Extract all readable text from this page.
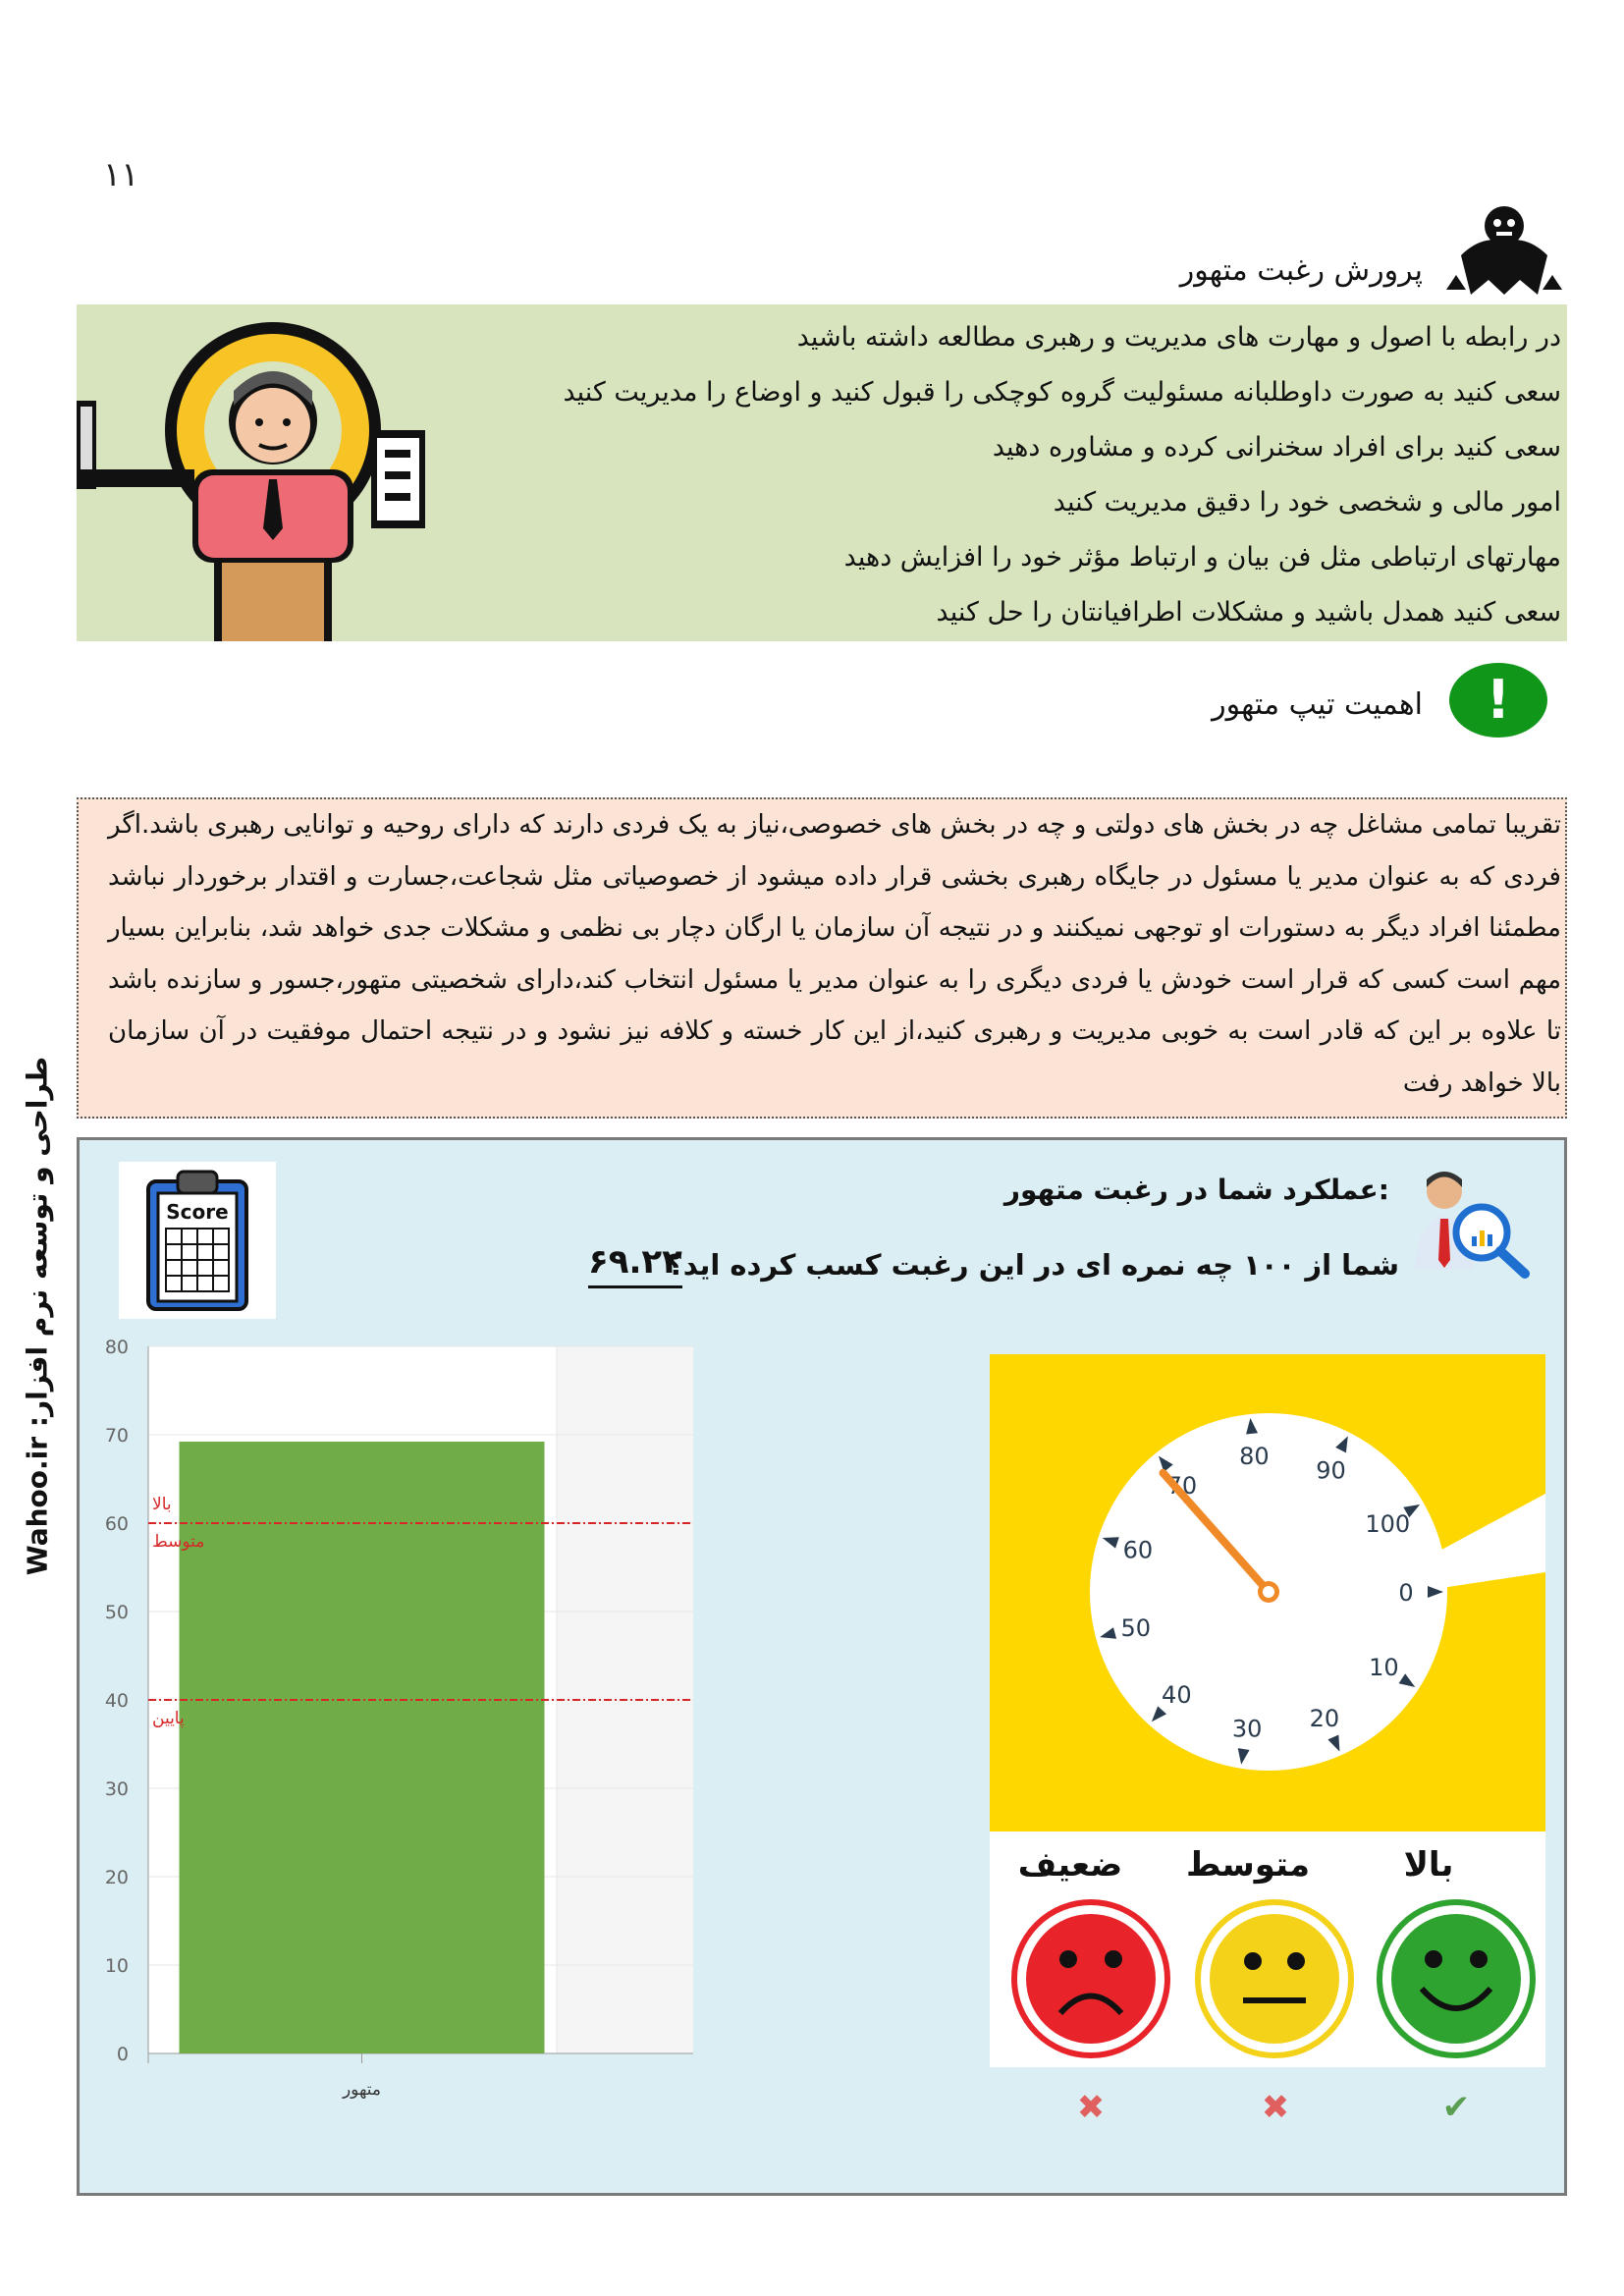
۱۱
طراحی و توسعه نرم افزار: Wahoo.ir
پرورش رغبت متهور
در رابطه با اصول و مهارت های مدیریت و رهبری مطالعه داشته باشید
سعی کنید به صورت داوطلبانه مسئولیت گروه کوچکی را قبول کنید و اوضاع را مدیریت کنید
سعی کنید برای افراد سخنرانی کرده و مشاوره دهید
امور مالی و شخصی خود را دقیق مدیریت کنید
مهارتهای ارتباطی مثل فن بیان و ارتباط مؤثر خود را افزایش دهید
سعی کنید همدل باشید و مشکلات اطرافیانتان را حل کنید
!
اهمیت تیپ متهور
تقریبا تمامی مشاغل چه در بخش های دولتی و چه در بخش های خصوصی،نیاز به یک فردی دارند که دارای روحیه و توانایی رهبری باشد.اگر فردی که به عنوان مدیر یا مسئول در جایگاه رهبری بخشی قرار داده میشود از خصوصیاتی مثل شجاعت،جسارت و اقتدار برخوردار نباشد مطمئنا افراد دیگر به دستورات او توجهی نمیکنند و در نتیجه آن سازمان یا ارگان دچار بی نظمی و مشکلات جدی خواهد شد، بنابراین بسیار مهم است کسی که قرار است خودش یا فردی دیگری را به عنوان مدیر یا مسئول انتخاب کند،دارای شخصیتی متهور،جسور و سازنده باشد تا علاوه بر این که قادر است به خوبی مدیریت و رهبری کنید،از این کار خسته و کلافه نیز نشود و در نتیجه احتمال موفقیت در آن سازمان بالا خواهد رفت
Score
:عملکرد شما در رغبت متهور
شما از ۱۰۰ چه نمره ای در این رغبت کسب کرده اید؟
۶۹.۲۲
0
10
20
30
40
50
60
70
80
متهور
بالا
متوسط
پایین
0
10
20
30
40
50
60
70
80
90
100
بالا
متوسط
ضعیف
✔
✖
✖
